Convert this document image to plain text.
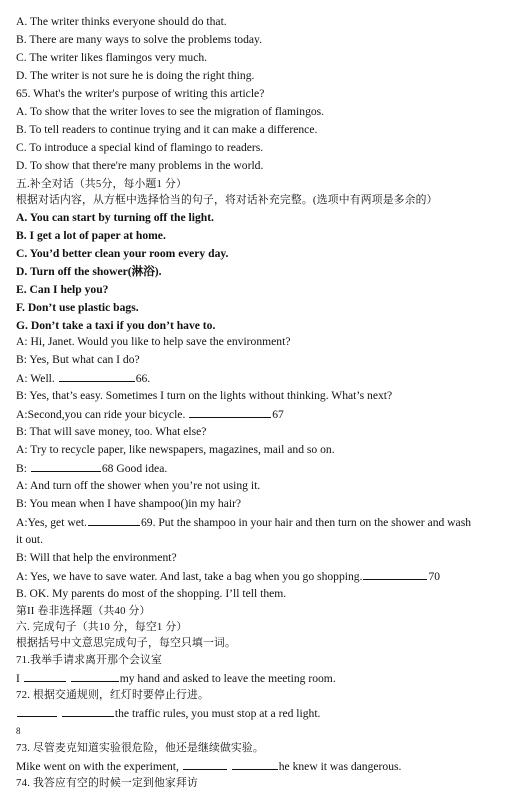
A. The writer thinks everyone should do that.
B. There are many ways to solve the problems today.
C. The writer likes flamingos very much.
D. The writer is not sure he is doing the right thing.
65. What's the writer's purpose of writing this article?
A. To show that the writer loves to see the migration of flamingos.
B. To tell readers to continue trying and it can make a difference.
C. To introduce a special kind of flamingo to readers.
D. To show that there're many problems in the world.
五.补全对话（共5分，每小题1 分）
根据对话内容，从方框中选择恰当的句子，将对话补充完整。(选项中有两项是多余的）
A. You can start by turning off the light.
B. I get a lot of paper at home.
C. You’d better clean your room every day.
D. Turn off the shower(淋浴).
E. Can I help you?
F. Don’t use plastic bags.
G. Don’t take a taxi if you don’t have to.
A: Hi, Janet. Would you like to help save the environment?
B: Yes, But what can I do?
A: Well.	66.
B: Yes, that’s easy. Sometimes I turn on the lights without thinking. What’s next?
A:Second,you can ride your bicycle.	67
B: That will save money, too. What else?
A: Try to recycle paper, like newspapers, magazines, mail and so on.
B:	68 Good idea.
A: And turn off the shower when you’re not using it.
B: You mean when I have shampoo()in my hair?
A:Yes, get wet.	69. Put the shampoo in your hair and then turn on the shower and wash
it out.
B: Will that help the environment?
A: Yes, we have to save water. And last, take a bag when you go shopping.	70
B. OK. My parents do most of the shopping. I’ll tell them.
第II 卷非选择题（共40 分）
六. 完成句子（共10 分，每空1 分）
根据括号中文意思完成句子，每空只填一词。
71.我举手请求离开那个会议室
I	my hand and asked to leave the meeting room.
72. 根据交通规则，红灯时要停止行进。
the traffic rules, you must stop at a red light.
8
73. 尽管麦克知道实验很危险，他还是继续做实验。
Mike went on with the experiment,	he knew it was dangerous.
74. 我答应有空的时候一定到他家拜访
